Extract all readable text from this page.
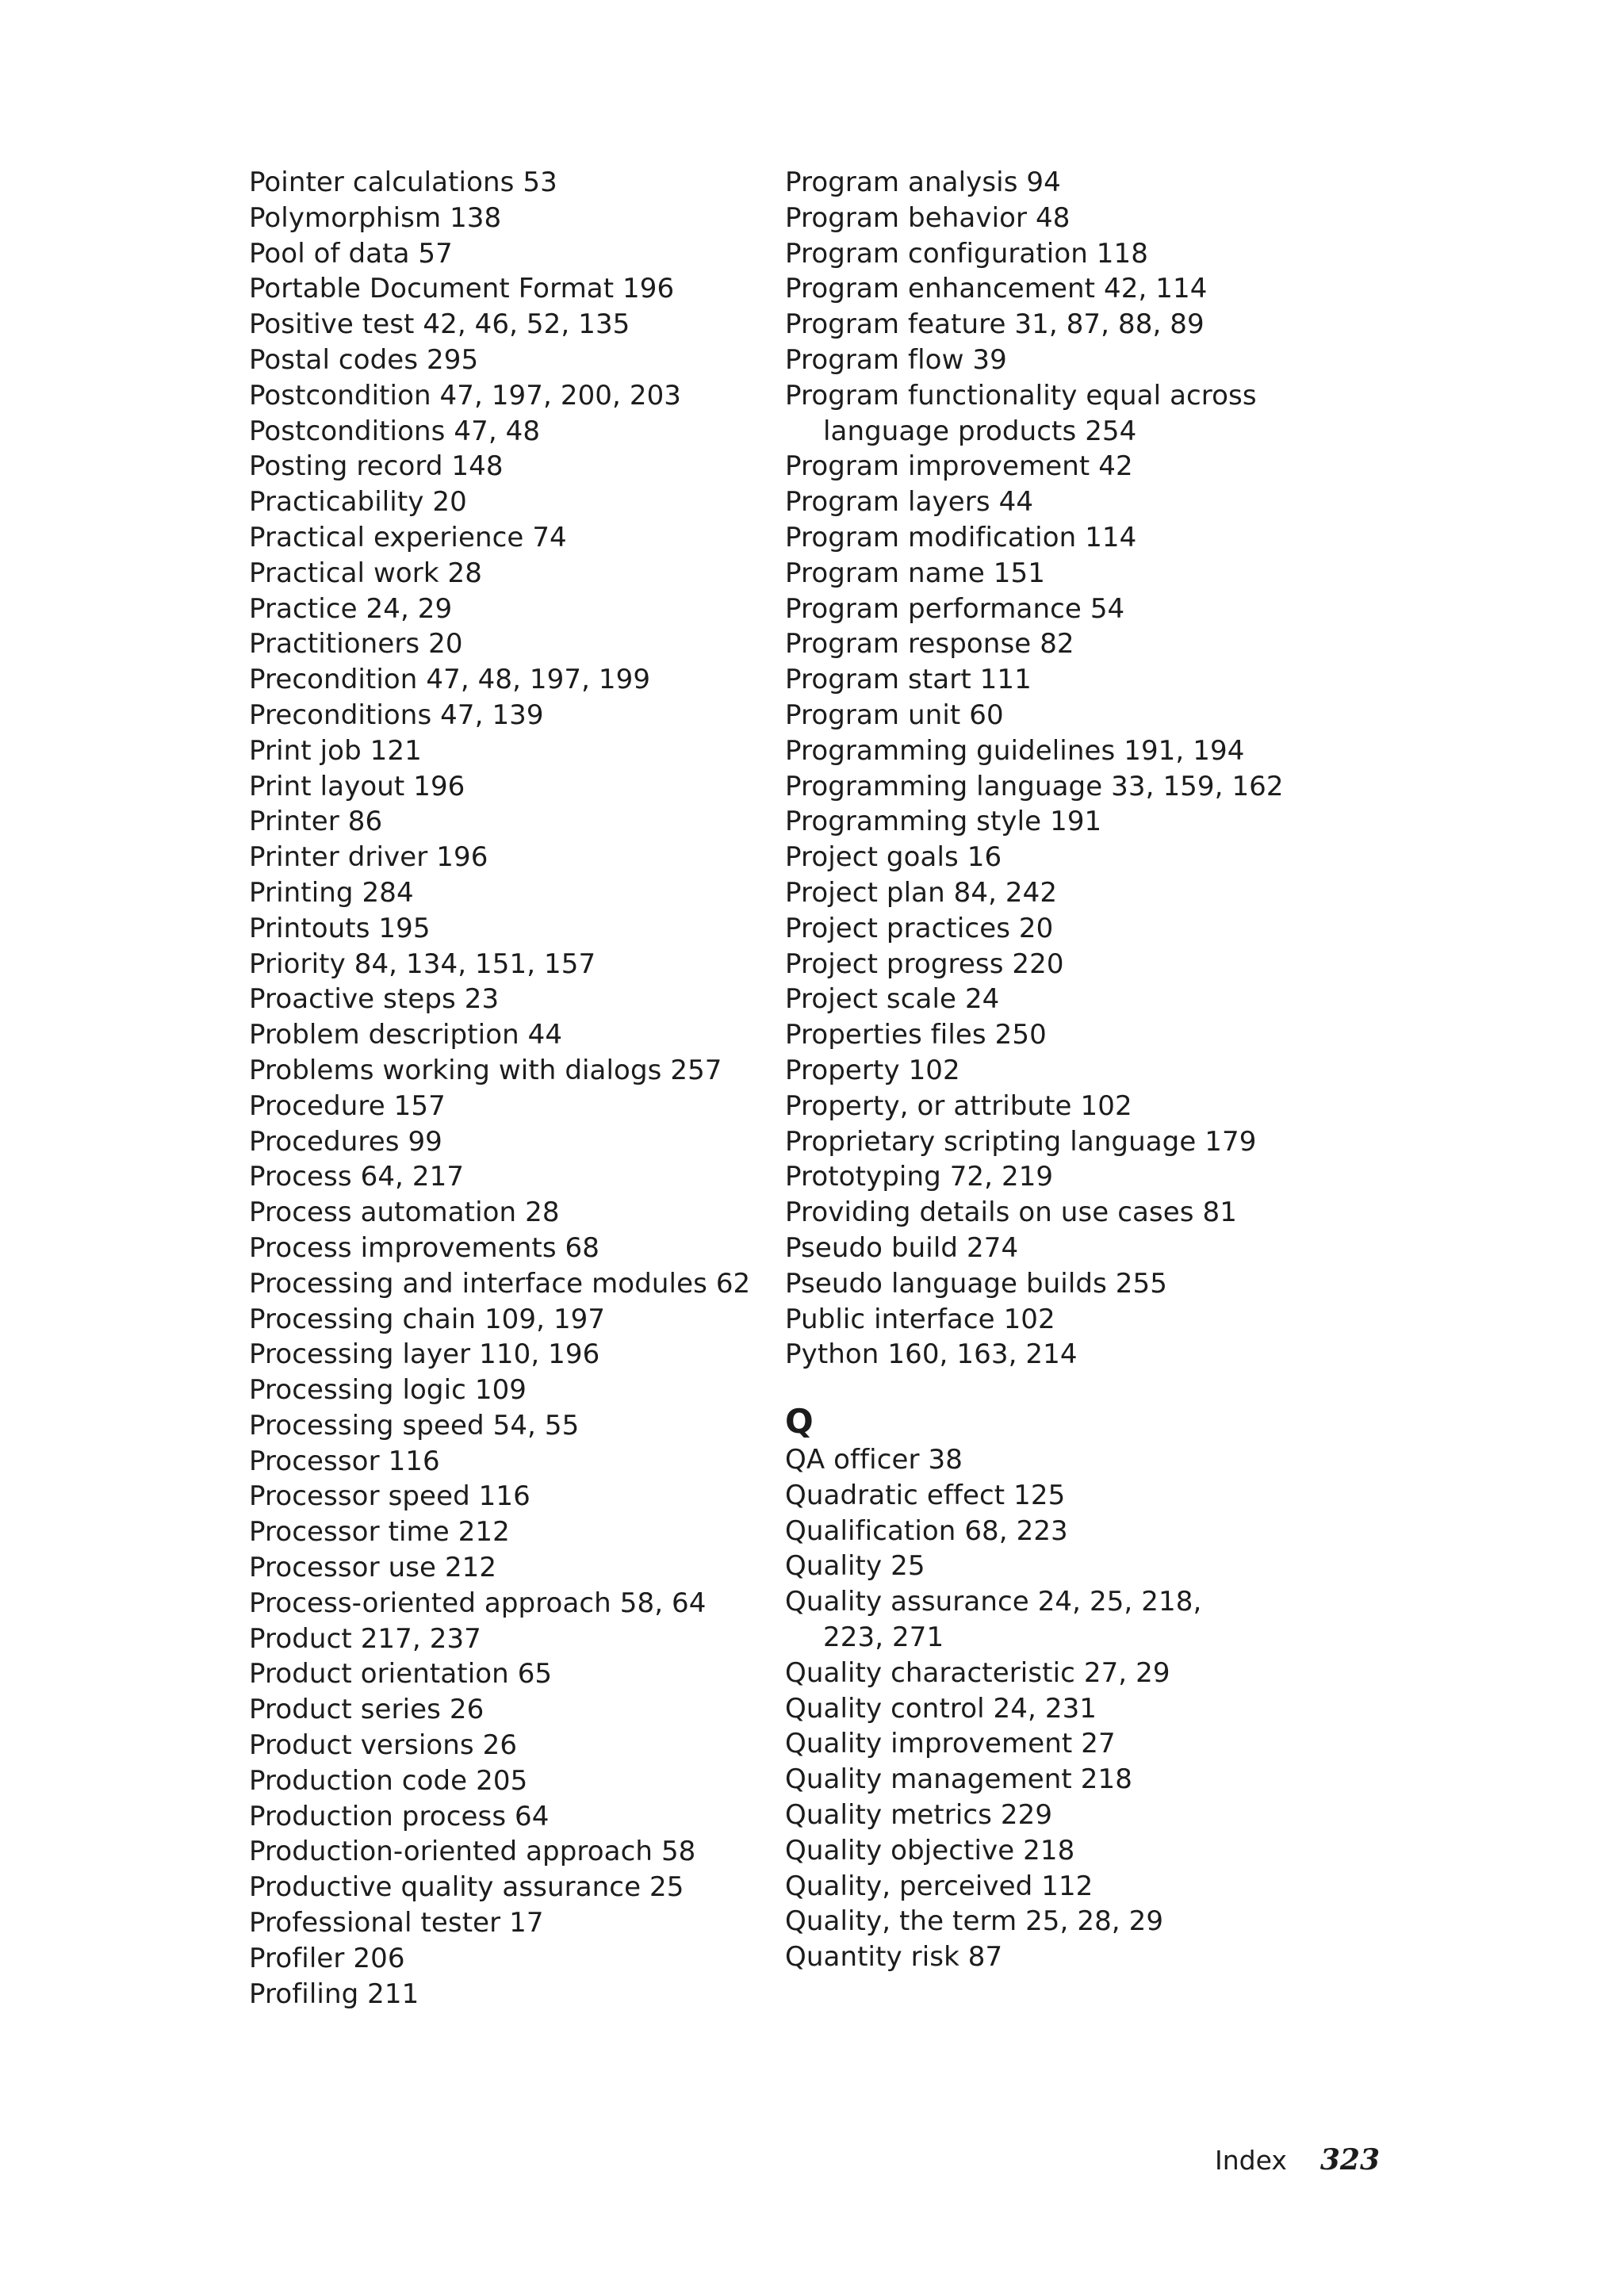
Pointer calculations 53
Polymorphism 138
Pool of data 57
Portable Document Format 196
Positive test 42, 46, 52, 135
Postal codes 295
Postcondition 47, 197, 200, 203
Postconditions 47, 48
Posting record 148
Practicability 20
Practical experience 74
Practical work 28
Practice 24, 29
Practitioners 20
Precondition 47, 48, 197, 199
Preconditions 47, 139
Print job 121
Print layout 196
Printer 86
Printer driver 196
Printing 284
Printouts 195
Priority 84, 134, 151, 157
Proactive steps 23
Problem description 44
Problems working with dialogs 257
Procedure 157
Procedures 99
Process 64, 217
Process automation 28
Process improvements 68
Processing and interface modules 62
Processing chain 109, 197
Processing layer 110, 196
Processing logic 109
Processing speed 54, 55
Processor 116
Processor speed 116
Processor time 212
Processor use 212
Process-oriented approach 58, 64
Product 217, 237
Product orientation 65
Product series 26
Product versions 26
Production code 205
Production process 64
Production-oriented approach 58
Productive quality assurance 25
Professional tester 17
Profiler 206
Profiling 211
Program analysis 94
Program behavior 48
Program configuration 118
Program enhancement 42, 114
Program feature 31, 87, 88, 89
Program flow 39
Program functionality equal across
language products 254
Program improvement 42
Program layers 44
Program modification 114
Program name 151
Program performance 54
Program response 82
Program start 111
Program unit 60
Programming guidelines 191, 194
Programming language 33, 159, 162
Programming style 191
Project goals 16
Project plan 84, 242
Project practices 20
Project progress 220
Project scale 24
Properties files 250
Property 102
Property, or attribute 102
Proprietary scripting language 179
Prototyping 72, 219
Providing details on use cases 81
Pseudo build 274
Pseudo language builds 255
Public interface 102
Python 160, 163, 214
Q
QA officer 38
Quadratic effect 125
Qualification 68, 223
Quality 25
Quality assurance 24, 25, 218,
223, 271
Quality characteristic 27, 29
Quality control 24, 231
Quality improvement 27
Quality management 218
Quality metrics 229
Quality objective 218
Quality, perceived 112
Quality, the term 25, 28, 29
Quantity risk 87
Index 323
